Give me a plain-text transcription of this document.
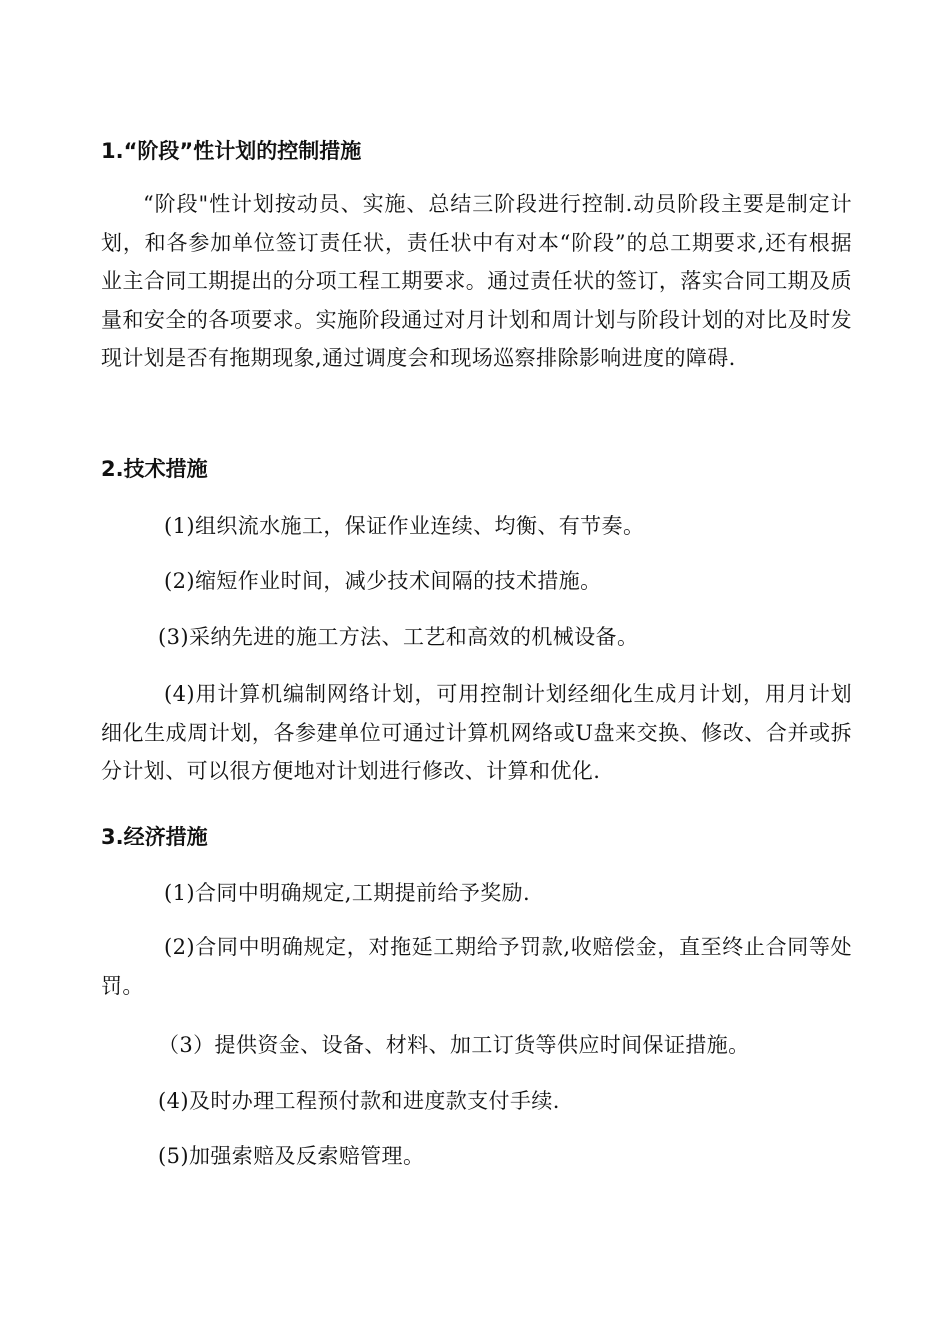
1.“阶段”性计划的控制措施
“阶段"性计划按动员、实施、总结三阶段进行控制.动员阶段主要是制定计划，和各参加单位签订责任状，责任状中有对本“阶段”的总工期要求,还有根据业主合同工期提出的分项工程工期要求。通过责任状的签订，落实合同工期及质量和安全的各项要求。实施阶段通过对月计划和周计划与阶段计划的对比及时发现计划是否有拖期现象,通过调度会和现场巡察排除影响进度的障碍.
2.技术措施
(1)组织流水施工，保证作业连续、均衡、有节奏。
(2)缩短作业时间，减少技术间隔的技术措施。
(3)采纳先进的施工方法、工艺和高效的机械设备。
(4)用计算机编制网络计划，可用控制计划经细化生成月计划，用月计划细化生成周计划，各参建单位可通过计算机网络或U盘来交换、修改、合并或拆分计划、可以很方便地对计划进行修改、计算和优化.
3.经济措施
(1)合同中明确规定,工期提前给予奖励.
(2)合同中明确规定，对拖延工期给予罚款,收赔偿金，直至终止合同等处罚。
（3）提供资金、设备、材料、加工订货等供应时间保证措施。
(4)及时办理工程预付款和进度款支付手续.
(5)加强索赔及反索赔管理。
